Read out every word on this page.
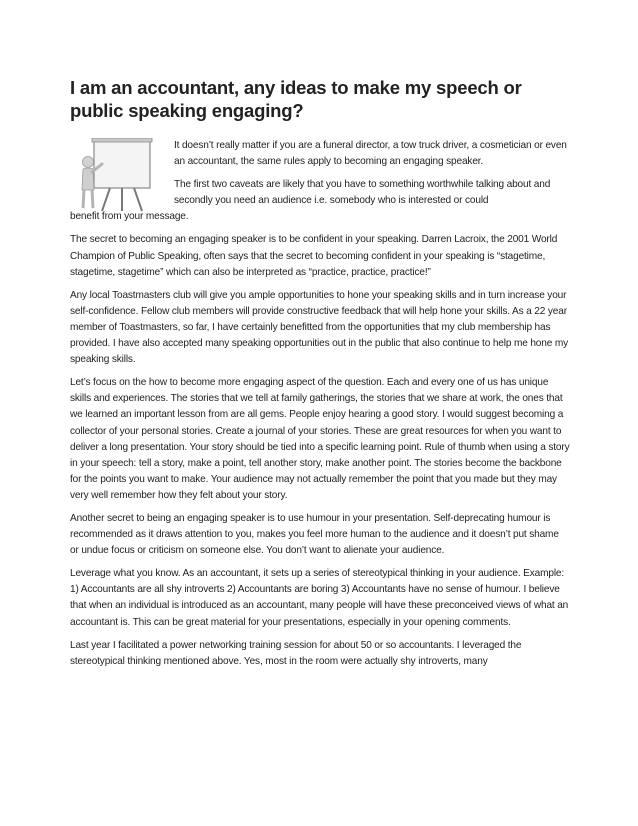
I am an accountant, any ideas to make my speech or public speaking engaging?

It doesn’t really matter if you are a funeral director, a tow truck driver, a cosmetician or even an accountant, the same rules apply to becoming an engaging speaker.

The first two caveats are likely that you have to something worthwhile talking about and secondly you need an audience i.e. somebody who is interested or could

benefit from your message.

The secret to becoming an engaging speaker is to be confident in your speaking. Darren Lacroix, the 2001 World Champion of Public Speaking, often says that the secret to becoming confident in your speaking is “stagetime, stagetime, stagetime” which can also be interpreted as “practice, practice, practice!”

Any local Toastmasters club will give you ample opportunities to hone your speaking skills and in turn increase your self-confidence. Fellow club members will provide constructive feedback that will help hone your skills. As a 22 year member of Toastmasters, so far, I have certainly benefitted from the opportunities that my club membership has provided. I have also accepted many speaking opportunities out in the public that also continue to help me hone my speaking skills.

Let’s focus on the how to become more engaging aspect of the question. Each and every one of us has unique skills and experiences. The stories that we tell at family gatherings, the stories that we share at work, the ones that we learned an important lesson from are all gems. People enjoy hearing a good story. I would suggest becoming a collector of your personal stories. Create a journal of your stories. These are great resources for when you want to deliver a long presentation. Your story should be tied into a specific learning point. Rule of thumb when using a story in your speech: tell a story, make a point, tell another story, make another point. The stories become the backbone for the points you want to make. Your audience may not actually remember the point that you made but they may very well remember how they felt about your story.

Another secret to being an engaging speaker is to use humour in your presentation. Self-deprecating humour is recommended as it draws attention to you, makes you feel more human to the audience and it doesn’t put shame or undue focus or criticism on someone else. You don’t want to alienate your audience.

Leverage what you know. As an accountant, it sets up a series of stereotypical thinking in your audience. Example: 1) Accountants are all shy introverts 2) Accountants are boring 3) Accountants have no sense of humour. I believe that when an individual is introduced as an accountant, many people will have these preconceived views of what an accountant is. This can be great material for your presentations, especially in your opening comments.

Last year I facilitated a power networking training session for about 50 or so accountants. I leveraged the stereotypical thinking mentioned above. Yes, most in the room were actually shy introverts, many
